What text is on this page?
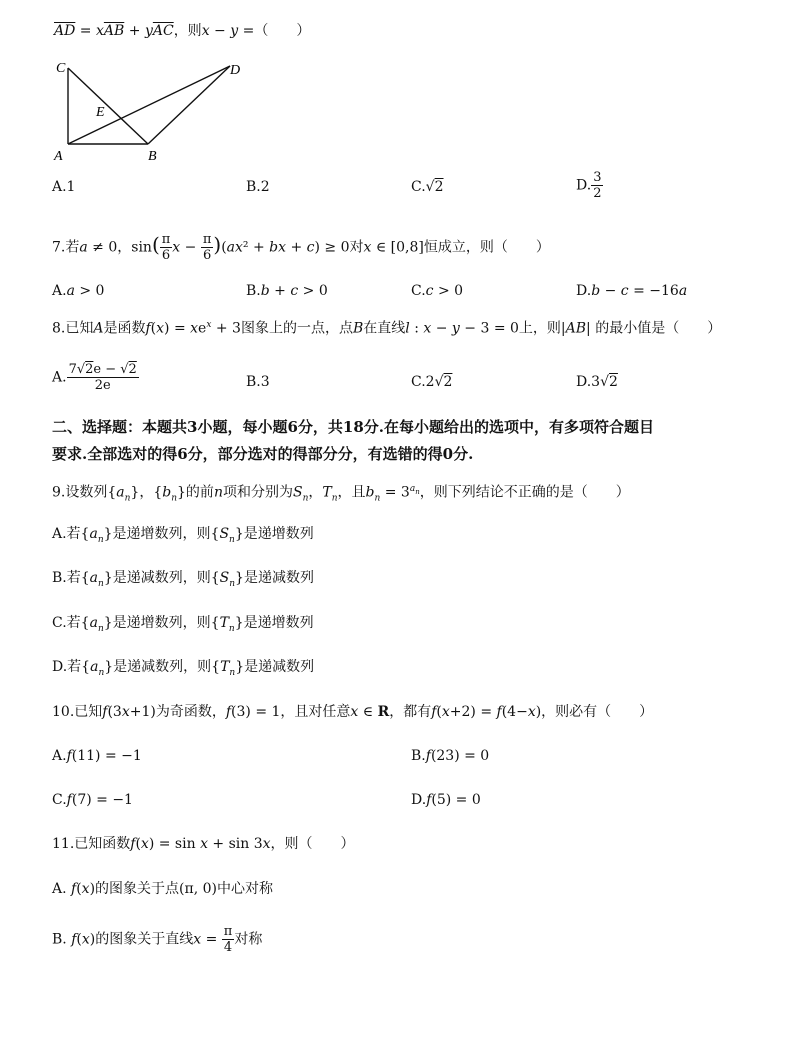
$\overline{AD} = x\overline{AB} + y\overline{AC}$，则x − y =（　　）
A	B
C	D
E
A.1	B.2	C.√2	D. $\frac{3}{2}$
7.若a ≠ 0，$\sin( \frac{\pi}{6}$ $x - \frac{\pi}{6} )(ax^2$ + bx + c) ≥ 0对x ∈ [0,8]恒成立，则（　　）
A.a > 0	B.b + c > 0	C.c > 0	D.b − c = −16a
8.已知A是函数$f(x) = xe^x + 3$图象上的一点，点B在直线l : x − y − 3 = 0上，则|AB| 的最小值是（　　）
A. $\frac{7√2e - √2}{2e}$	B.3	C.2√2	D.3√2
二、选择题：本题共3小题，每小题6分，共18分.在每小题给出的选项中，有多项符合题目
要求.全部选对的得6分，部分选对的得部分分，有选错的得0分.
9.设数列$\{a_n\}$，$\{b_n\}$的前n项和分别为$S_n$，$T_n$，且$b_n = 3^{a_n}$，则下列结论不正确的是（　　）
A.若$\{a_n\}$是递增数列，则$\{S_n\}$是递增数列
B.若$\{a_n\}$是递减数列，则$\{S_n\}$是递减数列
C.若$\{a_n\}$是递增数列，则$\{T_n\}$是递增数列
D.若$\{a_n\}$是递减数列，则$\{T_n\}$是递减数列
10.已知f(3x+1)为奇函数，f(3) = 1，且对任意x ∈ R，都有f(x+2) = f(4−x)，则必有（　　）
A.f(11) = −1	B.f(23) = 0
C.f(7) = −1	D.f(5) = 0
11.已知函数f(x) = sin x + sin 3x，则（　　）
A. f(x)的图象关于点(π, 0)中心对称
B. f(x)的图象关于直线$x = \frac{\pi}{4}$ 对称
